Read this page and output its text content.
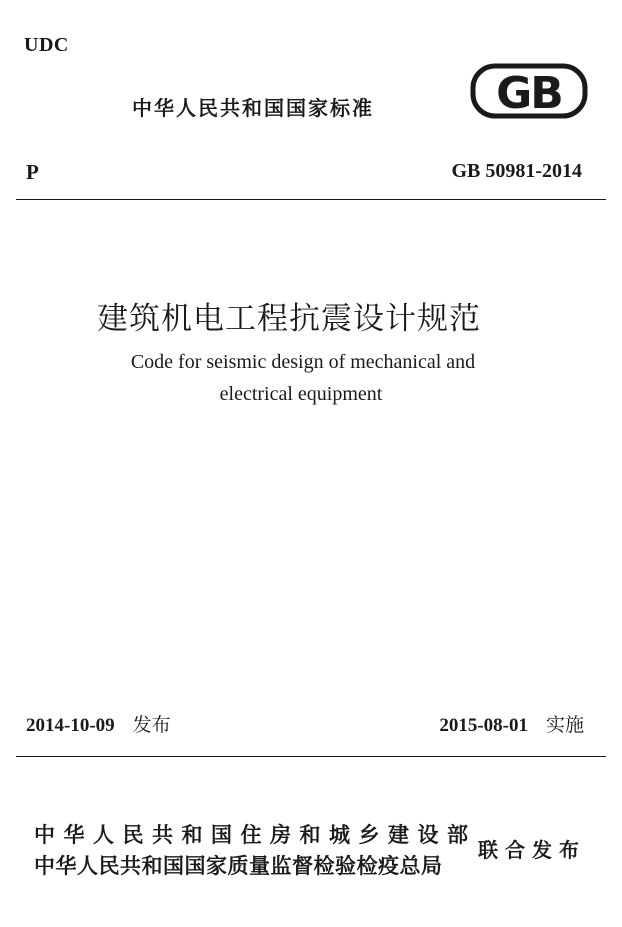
UDC
中华人民共和国国家标准	GB
P	GB 50981-2014
建筑机电工程抗震设计规范
Code for seismic design of mechanical and
electrical equipment
2014-10-09 发布	2015-08-01 实施
中华人民共和国住房和城乡建设部
中华人民共和国国家质量监督检验检疫总局
联合发布
